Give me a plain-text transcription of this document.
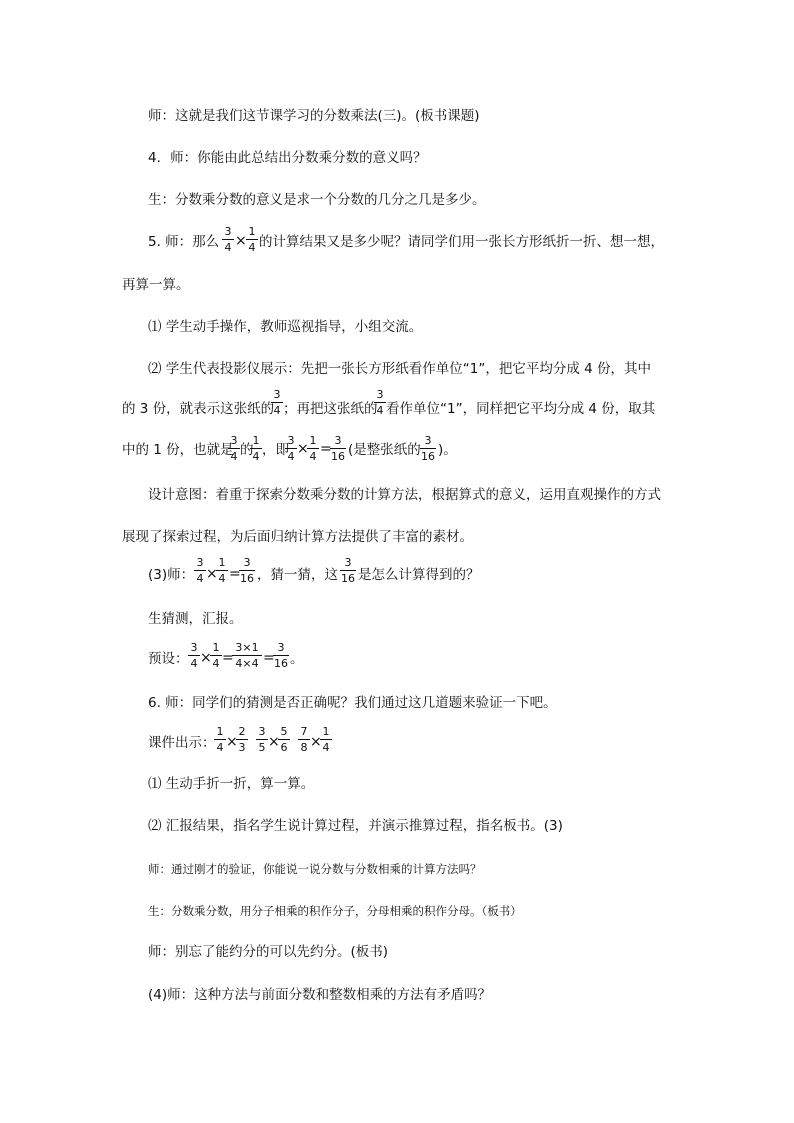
师：这就是我们这节课学习的分数乘法(三)。(板书课题)
4．师：你能由此总结出分数乘分数的意义吗？
生：分数乘分数的意义是求一个分数的几分之几是多少。
5. 师：那么
3
4 ×
1
4 的计算结果又是多少呢？请同学们用一张长方形纸折一折、想一想，
再算一算。
⑴ 学生动手操作，教师巡视指导，小组交流。
⑵ 学生代表投影仪展示：先把一张长方形纸看作单位“1”，把它平均分成 4 份，其中
的 3 份，就表示这张纸的
3
4 ；再把这张纸的
3
4 看作单位“1”，同样把它平均分成 4 份，取其
中的 1 份，也就是
3
4 的
1
4 ，即
3
4 ×
1
4 =
3
16 (是整张纸的
3
16 )。
设计意图：着重于探索分数乘分数的计算方法，根据算式的意义，运用直观操作的方式
展现了探索过程，为后面归纳计算方法提供了丰富的素材。
(3)师：
3
4 ×
1
4 =
3
16 ，猜一猜，这
3
16 是怎么计算得到的？
生猜测，汇报。
预设：
3
4 ×
1
4 =
3×1
4×4 =
3
16 。
6. 师：同学们的猜测是否正确呢？我们通过这几道题来验证一下吧。
课件出示：
1
4 ×
2
3
3
5 ×
5
6
7
8 ×
1
4
⑴ 生动手折一折，算一算。
⑵ 汇报结果，指名学生说计算过程，并演示推算过程，指名板书。(3)
师：通过刚才的验证，你能说一说分数与分数相乘的计算方法吗？
生：分数乘分数，用分子相乘的积作分子，分母相乘的积作分母。（板书）
师：别忘了能约分的可以先约分。(板书)
(4)师：这种方法与前面分数和整数相乘的方法有矛盾吗？
